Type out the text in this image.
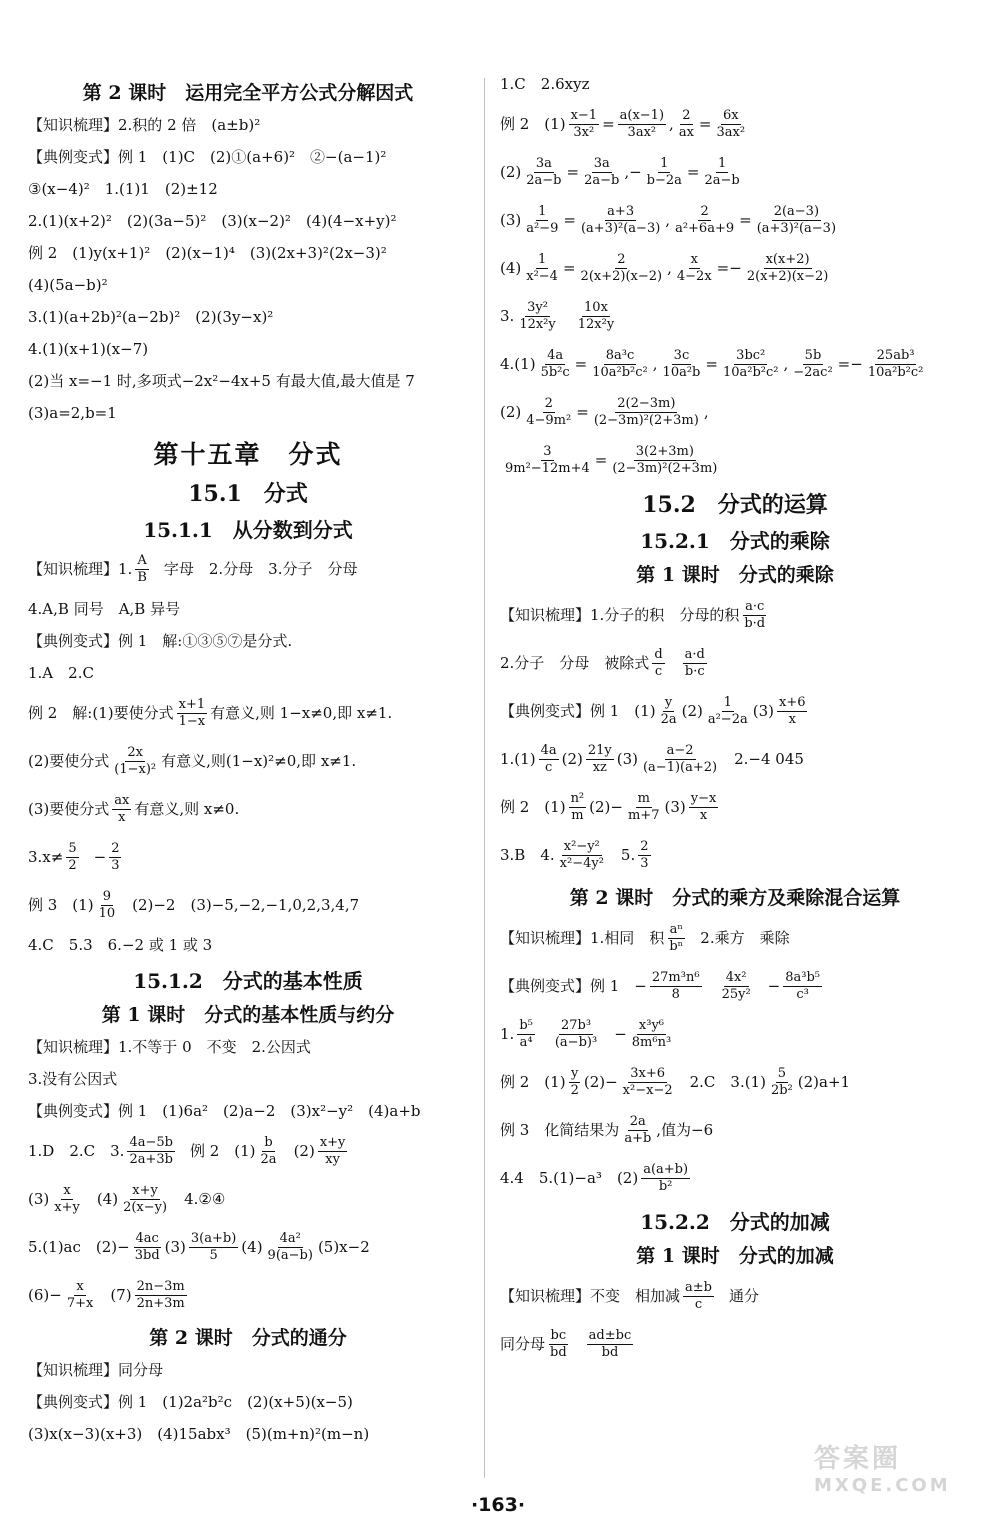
第 2 课时　运用完全平方公式分解因式
【知识梳理】2.积的 2 倍　(a±b)²
【典例变式】例 1　(1)C　(2)①(a+6)²　②−(a−1)²
③(x−4)²　1.(1)1　(2)±12
2.(1)(x+2)²　(2)(3a−5)²　(3)(x−2)²　(4)(4−x+y)²
例 2　(1)y(x+1)²　(2)(x−1)⁴　(3)(2x+3)²(2x−3)²
(4)(5a−b)²
3.(1)(a+2b)²(a−2b)²　(2)(3y−x)²
4.(1)(x+1)(x−7)
(2)当 x=−1 时,多项式−2x²−4x+5 有最大值,最大值是 7
(3)a=2,b=1
第十五章　分式
15.1　分式
15.1.1　从分数到分式
【知识梳理】1. $\frac{A}{B}$ 字母　2.分母　3.分子　分母
4.A,B 同号　A,B 异号
【典例变式】例 1　解:①③⑤⑦是分式.
1.A　2.C
例 2　解:(1)要使分式 $\frac{x+1}{1-x}$ 有意义,则 1−x≠0,即 x≠1.
(2)要使分式 $\frac{2x}{\text{(1−x)²}}$ 有意义,则(1−x)²≠0,即 x≠1.
(3)要使分式 $\frac{ax}{x}$ 有意义,则 x≠0.
$3.x\ne \frac{5}{2} - \frac{2}{3}$
例 3　$(1) \frac{9}{10} (2)-2$　(3)−5,−2,−1,0,2,3,4,7
4.C　5.3　6.−2 或 1 或 3
15.1.2　分式的基本性质
第 1 课时　分式的基本性质与约分
【知识梳理】1.不等于 0　不变　2.公因式
3.没有公因式
【典例变式】例 1　(1)6a²　(2)a−2　(3)x²−y²　(4)a+b
1.D　2.C　3. $\frac{4a-5b}{2a+3b}$ 例 2　$(1) \frac{b}{2a} (2) \frac{x+y}{xy}$
$(3) \frac{x}{x+y} (4) \frac{x+y}{2(x-y)}$ 4.②④
5.(1)ac　$(2)- \frac{4ac}{3bd} (3) \frac{3(a+b)}{5} (4) \frac{\text{4a²}}{9(a-b)} (5)x-2$
$(6)- \frac{x}{7+x} (7) \frac{2n-3m}{2n+3m}$
第 2 课时　分式的通分
【知识梳理】同分母
【典例变式】例 1　(1)2a²b²c　(2)(x+5)(x−5)
(3)x(x−3)(x+3)　(4)15abx³　(5)(m+n)²(m−n)
1.C　2.6xyz
例 2　$(1) \frac{x-1}{\text{3x²}} = \frac{a(x-1)}{\text{3ax²}}$ , $\frac{2}{ax} = \frac{6x}{\text{3ax²}}$
$(2) \frac{3a}{2a-b} = \frac{3a}{2a-b}$ ,− $\frac{1}{b-2a} = \frac{1}{2a-b}$
$(3) \frac{1}{\text{a²−9}} = \frac{a+3}{\text{(a+3)²(a−3)}}$ , $\frac{2}{\text{a²+6a+9}} = \frac{2(a-3)}{\text{(a+3)²(a−3)}}$
$(4) \frac{1}{\text{x²−4}} = \frac{2}{2(x+2)(x-2)}$ , $\frac{x}{4-2x} =- \frac{x(x+2)}{2(x+2)(x-2)}$
3. $\frac{\text{3y²}}{\text{12x²y}} \frac{10x}{\text{12x²y}}$
$4.(1) \frac{4a}{\text{5b²c}} = \frac{\text{8a³c}}{\text{10a²b²c²}}$ , $\frac{3c}{\text{10a²b}} = \frac{\text{3bc²}}{\text{10a²b²c²}}$ , $\frac{5b}{\text{−2ac²}} =- \frac{\text{25ab³}}{\text{10a²b²c²}}$
$(2) \frac{2}{\text{4−9m²}} = \frac{2(2-3m)}{\text{(2−3m)²(2+3m)}}$ ,
$\frac{3}{\text{9m²−12m+4}} = \frac{3(2+3m)}{\text{(2−3m)²(2+3m)}}$
15.2　分式的运算
15.2.1　分式的乘除
第 1 课时　分式的乘除
【知识梳理】1.分子的积　分母的积 $\frac{a\cdot c}{b\cdot d}$
2.分子　分母　被除式 $\frac{d}{c} \frac{a\cdot d}{b\cdot c}$
【典例变式】例 1　$(1) \frac{y}{2a} (2) \frac{1}{\text{a²−2a}} (3) \frac{x+6}{x}$
$1.(1) \frac{4a}{c} (2) \frac{21y}{xz} (3) \frac{a-2}{(a-1)(a+2)} 2.-4$ 045
例 2　$(1) \frac{\text{n²}}{m} (2)- \frac{m}{m+7} (3) \frac{y-x}{x}$
3.B　4. $\frac{\text{x²−y²}}{\text{x²−4y²}} 5$. $\frac{2}{3}$
第 2 课时　分式的乘方及乘除混合运算
【知识梳理】1.相同　积 $\frac{\text{aⁿ}}{\text{bⁿ}} 2$.乘方　乘除
【典例变式】例 1　− $\frac{\text{27m³n⁶}}{8} \frac{\text{4x²}}{\text{25y²}} - \frac{\text{8a³b⁵}}{\text{c³}}$
1. $\frac{\text{b⁵}}{\text{a⁴}} \frac{\text{27b³}}{\text{(a−b)³}} - \frac{\text{x³y⁶}}{\text{8m⁶n³}}$
例 2　$(1) \frac{y}{2} (2)- \frac{3x+6}{\text{x²−x−2}} 2.C$　$3.(1) \frac{5}{\text{2b²}} (2)a+1$
例 3　化简结果为 $\frac{2a}{a+b}$ ,值为−6
4.4　5.(1)−a³　$(2) \frac{a(a+b)}{\text{b²}}$
15.2.2　分式的加减
第 1 课时　分式的加减
【知识梳理】不变　相加减 $\frac{a\pm b}{c}$ 通分
同分母 $\frac{bc}{bd} \frac{ad\pm bc}{bd}$
·163·
答案圈
MXQE.COM
